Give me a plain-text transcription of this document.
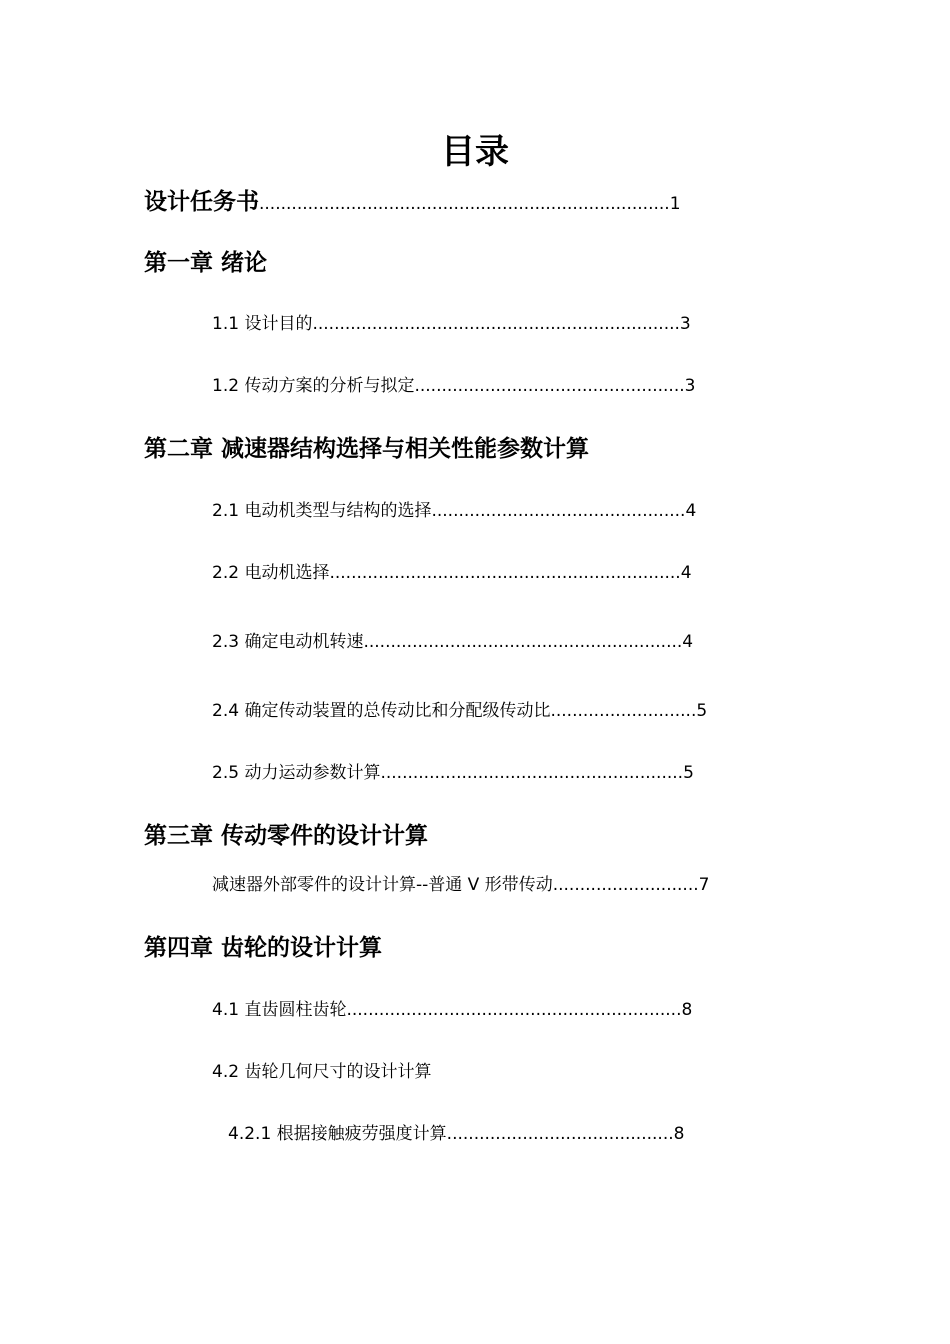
目录
设计任务书............................................................................1
第一章 绪论
1.1 设计目的....................................................................3
1.2 传动方案的分析与拟定..................................................3
第二章 减速器结构选择与相关性能参数计算
2.1 电动机类型与结构的选择...............................................4
2.2 电动机选择.................................................................4
2.3 确定电动机转速...........................................................4
2.4 确定传动装置的总传动比和分配级传动比...........................5
2.5 动力运动参数计算........................................................5
第三章 传动零件的设计计算
减速器外部零件的设计计算--普通 V 形带传动...........................7
第四章 齿轮的设计计算
4.1 直齿圆柱齿轮..............................................................8
4.2 齿轮几何尺寸的设计计算
4.2.1 根据接触疲劳强度计算..........................................8
